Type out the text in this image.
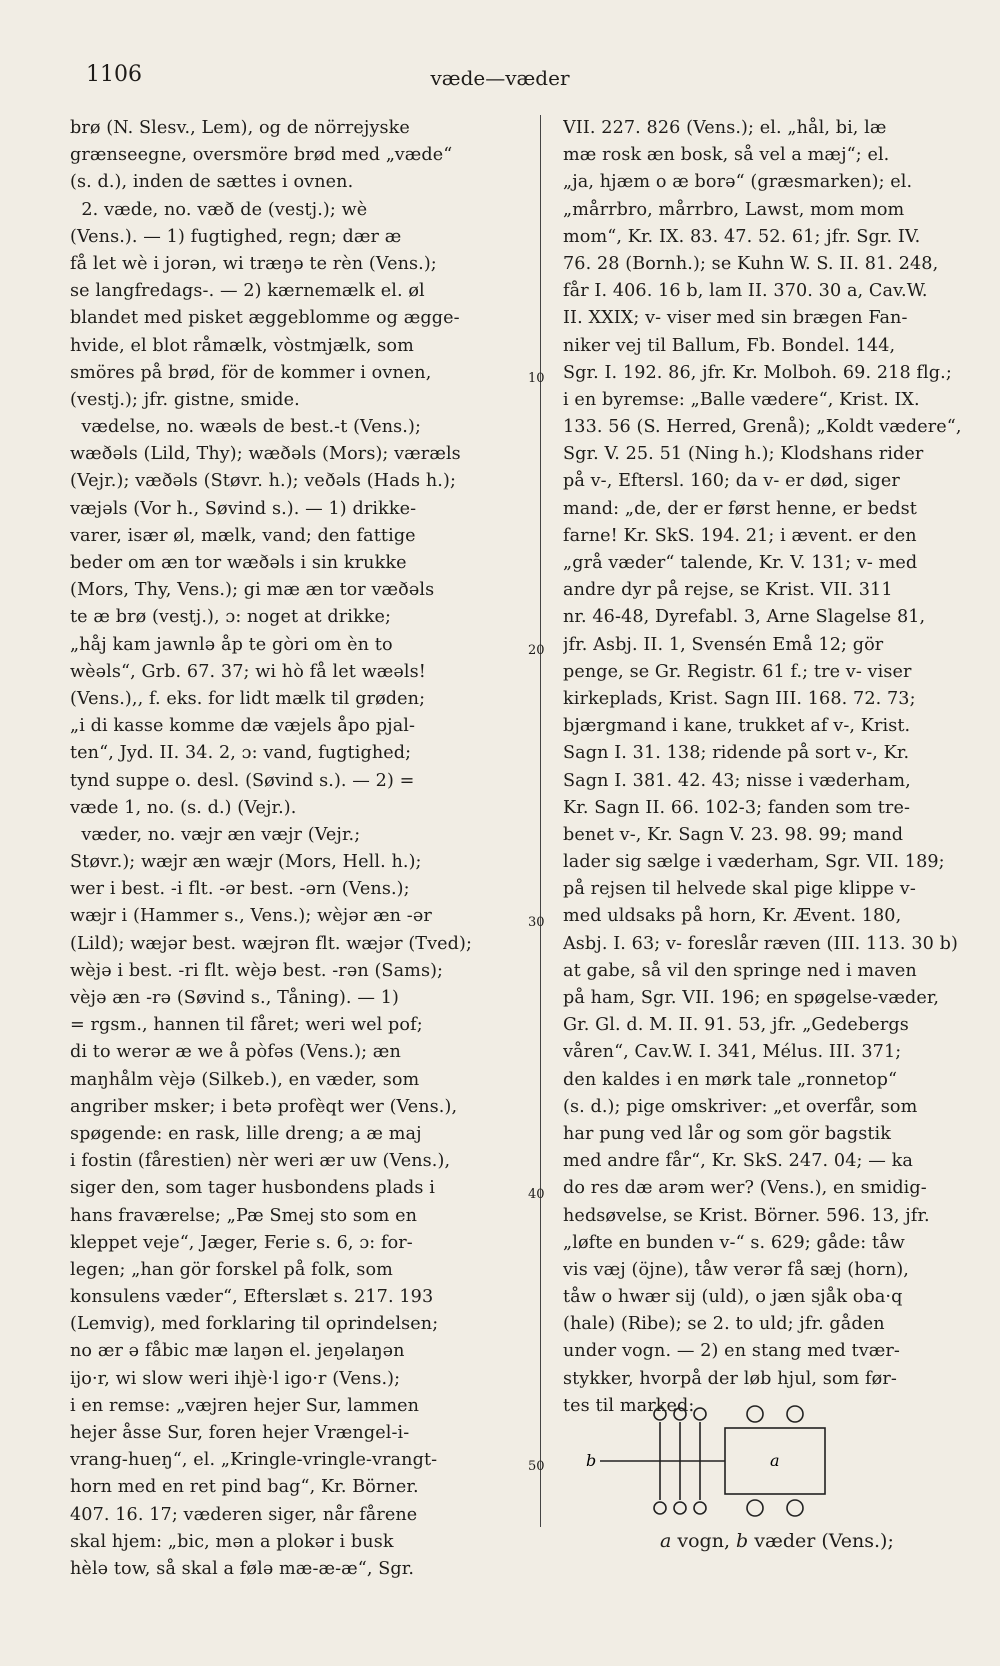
1106	væde—væder
brø (N. Slesv., Lem), og de nörrejyske
grænseegne, oversmöre brød med „væde“
(s. d.), inden de sættes i ovnen.
2. væde, no. væð de (vestj.); wè
(Vens.). — 1) fugtighed, regn; dær æ
få let wè i jorən, wi træŋə te rèn (Vens.);
se langfredags-. — 2) kærnemælk el. øl
blandet med pisket æggeblomme og ægge-
hvide, el blot råmælk, vòstmjælk, som
smöres på brød, för de kommer i ovnen,
(vestj.); jfr. gistne, smide.
vædelse, no. wæəls de best.-t (Vens.);
wæðəls (Lild, Thy); wæðəls (Mors); væræls
(Vejr.); væðəls (Støvr. h.); veðəls (Hads h.);
væjəls (Vor h., Søvind s.). — 1) drikke-
varer, især øl, mælk, vand; den fattige
beder om æn tor wæðəls i sin krukke
(Mors, Thy, Vens.); gi mæ æn tor væðəls
te æ brø (vestj.), ɔ: noget at drikke;
„håj kam jawnlə åp te gòri om èn to
wèəls“, Grb. 67. 37; wi hò få let wæəls!
(Vens.),, f. eks. for lidt mælk til grøden;
„i di kasse komme dæ væjels åpo pjal-
ten“, Jyd. II. 34. 2, ɔ: vand, fugtighed;
tynd suppe o. desl. (Søvind s.). — 2) =
væde 1, no. (s. d.) (Vejr.).
væder, no. væjr æn væjr (Vejr.;
Støvr.); wæjr æn wæjr (Mors, Hell. h.);
wer i best. -i flt. -ər best. -ərn (Vens.);
wæjr i (Hammer s., Vens.); wèjər æn -ər
(Lild); wæjər best. wæjrən flt. wæjər (Tved);
wèjə i best. -ri flt. wèjə best. -rən (Sams);
vèjə æn -rə (Søvind s., Tåning). — 1)
= rgsm., hannen til fåret; weri wel pof;
di to werər æ we å pòfəs (Vens.); æn
maŋhålm vèjə (Silkeb.), en væder, som
angriber msker; i betə profèqt wer (Vens.),
spøgende: en rask, lille dreng; a æ maj
i fostin (fårestien) nèr weri ær uw (Vens.),
siger den, som tager husbondens plads i
hans fraværelse; „Pæ Smej sto som en
kleppet veje“, Jæger, Ferie s. 6, ɔ: for-
legen; „han gör forskel på folk, som
konsulens væder“, Efterslæt s. 217. 193
(Lemvig), med forklaring til oprindelsen;
no ær ə fåbic mæ laŋən el. jeŋəlaŋən
ijo·r, wi slow weri ihjè·l igo·r (Vens.);
i en remse: „væjren hejer Sur, lammen
hejer åsse Sur, foren hejer Vrængel-i-
vrang-hueŋ“, el. „Kringle-vringle-vrangt-
horn med en ret pind bag“, Kr. Börner.
407. 16. 17; væderen siger, når fårene
skal hjem: „bic, mən a plokər i busk
hèlə tow, så skal a følə mæ-æ-æ“, Sgr.
VII. 227. 826 (Vens.); el. „hål, bi, læ
mæ rosk æn bosk, så vel a mæj“; el.
„ja, hjæm o æ borə“ (græsmarken); el.
„mårrbro, mårrbro, Lawst, mom mom
mom“, Kr. IX. 83. 47. 52. 61; jfr. Sgr. IV.
76. 28 (Bornh.); se Kuhn W. S. II. 81. 248,
får I. 406. 16 b, lam II. 370. 30 a, Cav.W.
II. XXIX; v- viser med sin brægen Fan-
niker vej til Ballum, Fb. Bondel. 144,
Sgr. I. 192. 86, jfr. Kr. Molboh. 69. 218 flg.;
i en byremse: „Balle vædere“, Krist. IX.
133. 56 (S. Herred, Grenå); „Koldt vædere“,
Sgr. V. 25. 51 (Ning h.); Klodshans rider
på v-, Eftersl. 160; da v- er død, siger
mand: „de, der er først henne, er bedst
farne! Kr. SkS. 194. 21; i ævent. er den
„grå væder“ talende, Kr. V. 131; v- med
andre dyr på rejse, se Krist. VII. 311
nr. 46-48, Dyrefabl. 3, Arne Slagelse 81,
jfr. Asbj. II. 1, Svensén Emå 12; gör
penge, se Gr. Registr. 61 f.; tre v- viser
kirkeplads, Krist. Sagn III. 168. 72. 73;
bjærgmand i kane, trukket af v-, Krist.
Sagn I. 31. 138; ridende på sort v-, Kr.
Sagn I. 381. 42. 43; nisse i væderham,
Kr. Sagn II. 66. 102-3; fanden som tre-
benet v-, Kr. Sagn V. 23. 98. 99; mand
lader sig sælge i væderham, Sgr. VII. 189;
på rejsen til helvede skal pige klippe v-
med uldsaks på horn, Kr. Ævent. 180,
Asbj. I. 63; v- foreslår ræven (III. 113. 30 b)
at gabe, så vil den springe ned i maven
på ham, Sgr. VII. 196; en spøgelse-væder,
Gr. Gl. d. M. II. 91. 53, jfr. „Gedebergs
våren“, Cav.W. I. 341, Mélus. III. 371;
den kaldes i en mørk tale „ronnetop“
(s. d.); pige omskriver: „et overfår, som
har pung ved lår og som gör bagstik
med andre får“, Kr. SkS. 247. 04; — ka
do res dæ arəm wer? (Vens.), en smidig-
hedsøvelse, se Krist. Börner. 596. 13, jfr.
„løfte en bunden v-“ s. 629; gåde: tåw
vis væj (öjne), tåw verər få sæj (horn),
tåw o hwær sij (uld), o jæn sjåk oba·q
(hale) (Ribe); se 2. to uld; jfr. gåden
under vogn. — 2) en stang med tvær-
stykker, hvorpå der løb hjul, som før-
tes til marked:
10
20
30
40
50	b	a
a vogn, b væder (Vens.);
